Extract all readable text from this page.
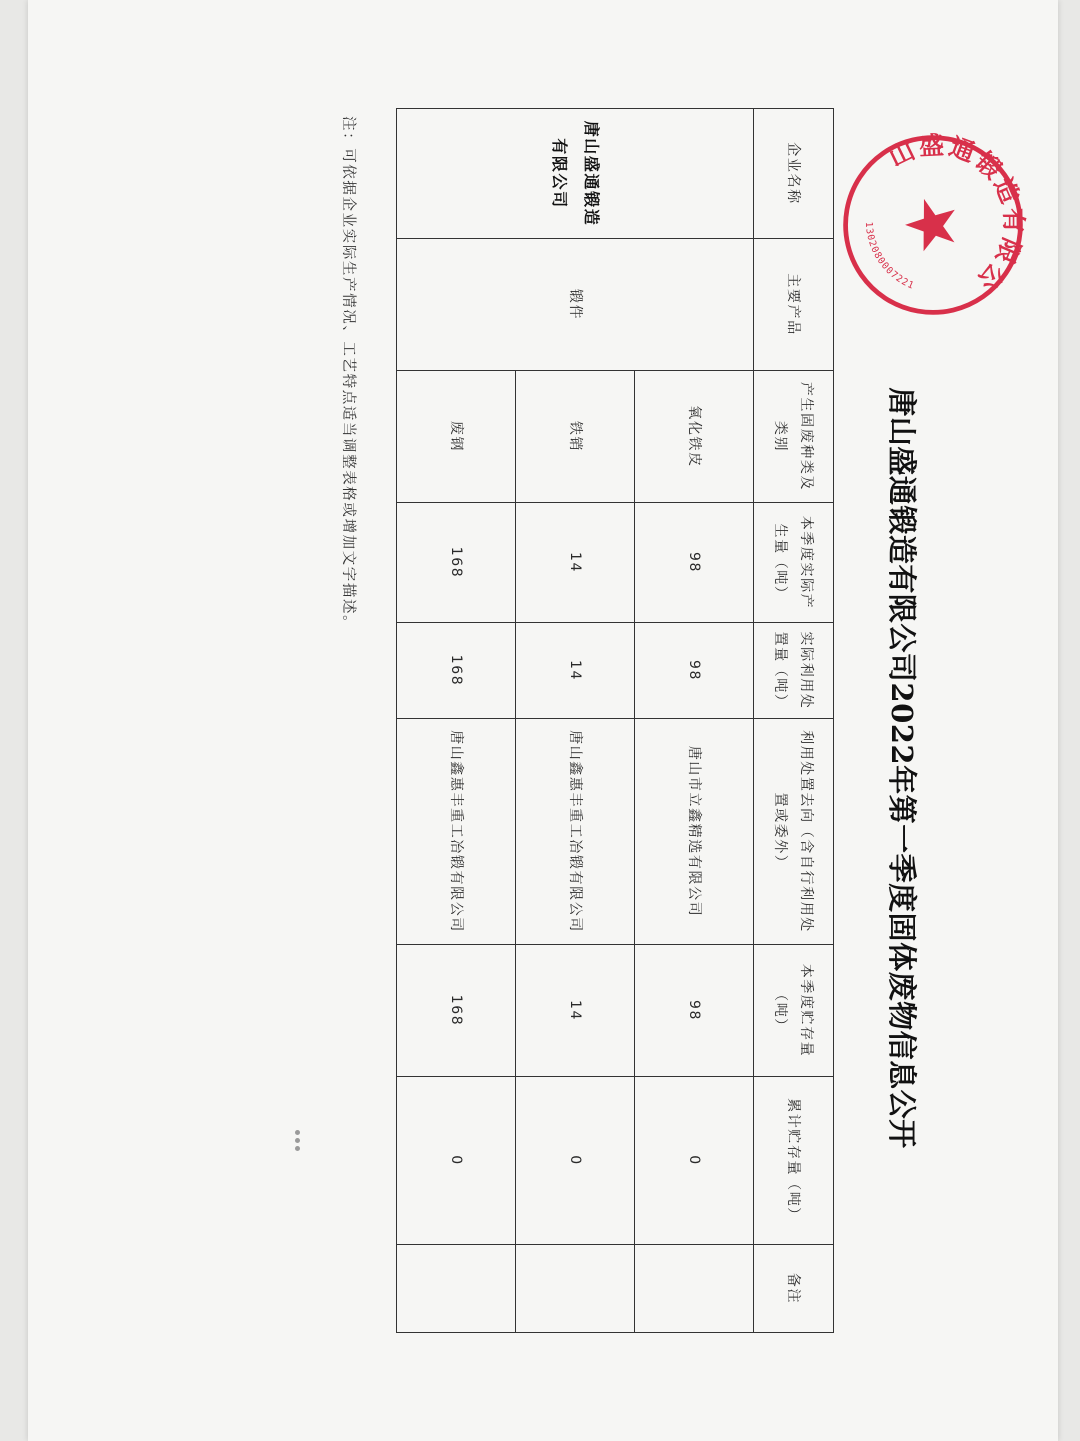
唐山盛通锻造有限公司
1302080007221
唐山盛通锻造有限公司2022年第一季度固体废物信息公开
企业名称	主要产品	产生固废种类及类别	本季度实际产生量（吨）	实际利用处置量（吨）	利用处置去向（含自行利用处置或委外）	本季度贮存量（吨）	累计贮存量（吨）	备注
唐山盛通锻造有限公司	锻件	氧化铁皮	98	98	唐山市立鑫精选有限公司	98	0	
		铁销	14	14	唐山鑫惠丰重工冶锻有限公司	14	0	
		废钢	168	168	唐山鑫惠丰重工冶锻有限公司	168	0	
注：可依据企业实际生产情况、工艺特点适当调整表格或增加文字描述。
